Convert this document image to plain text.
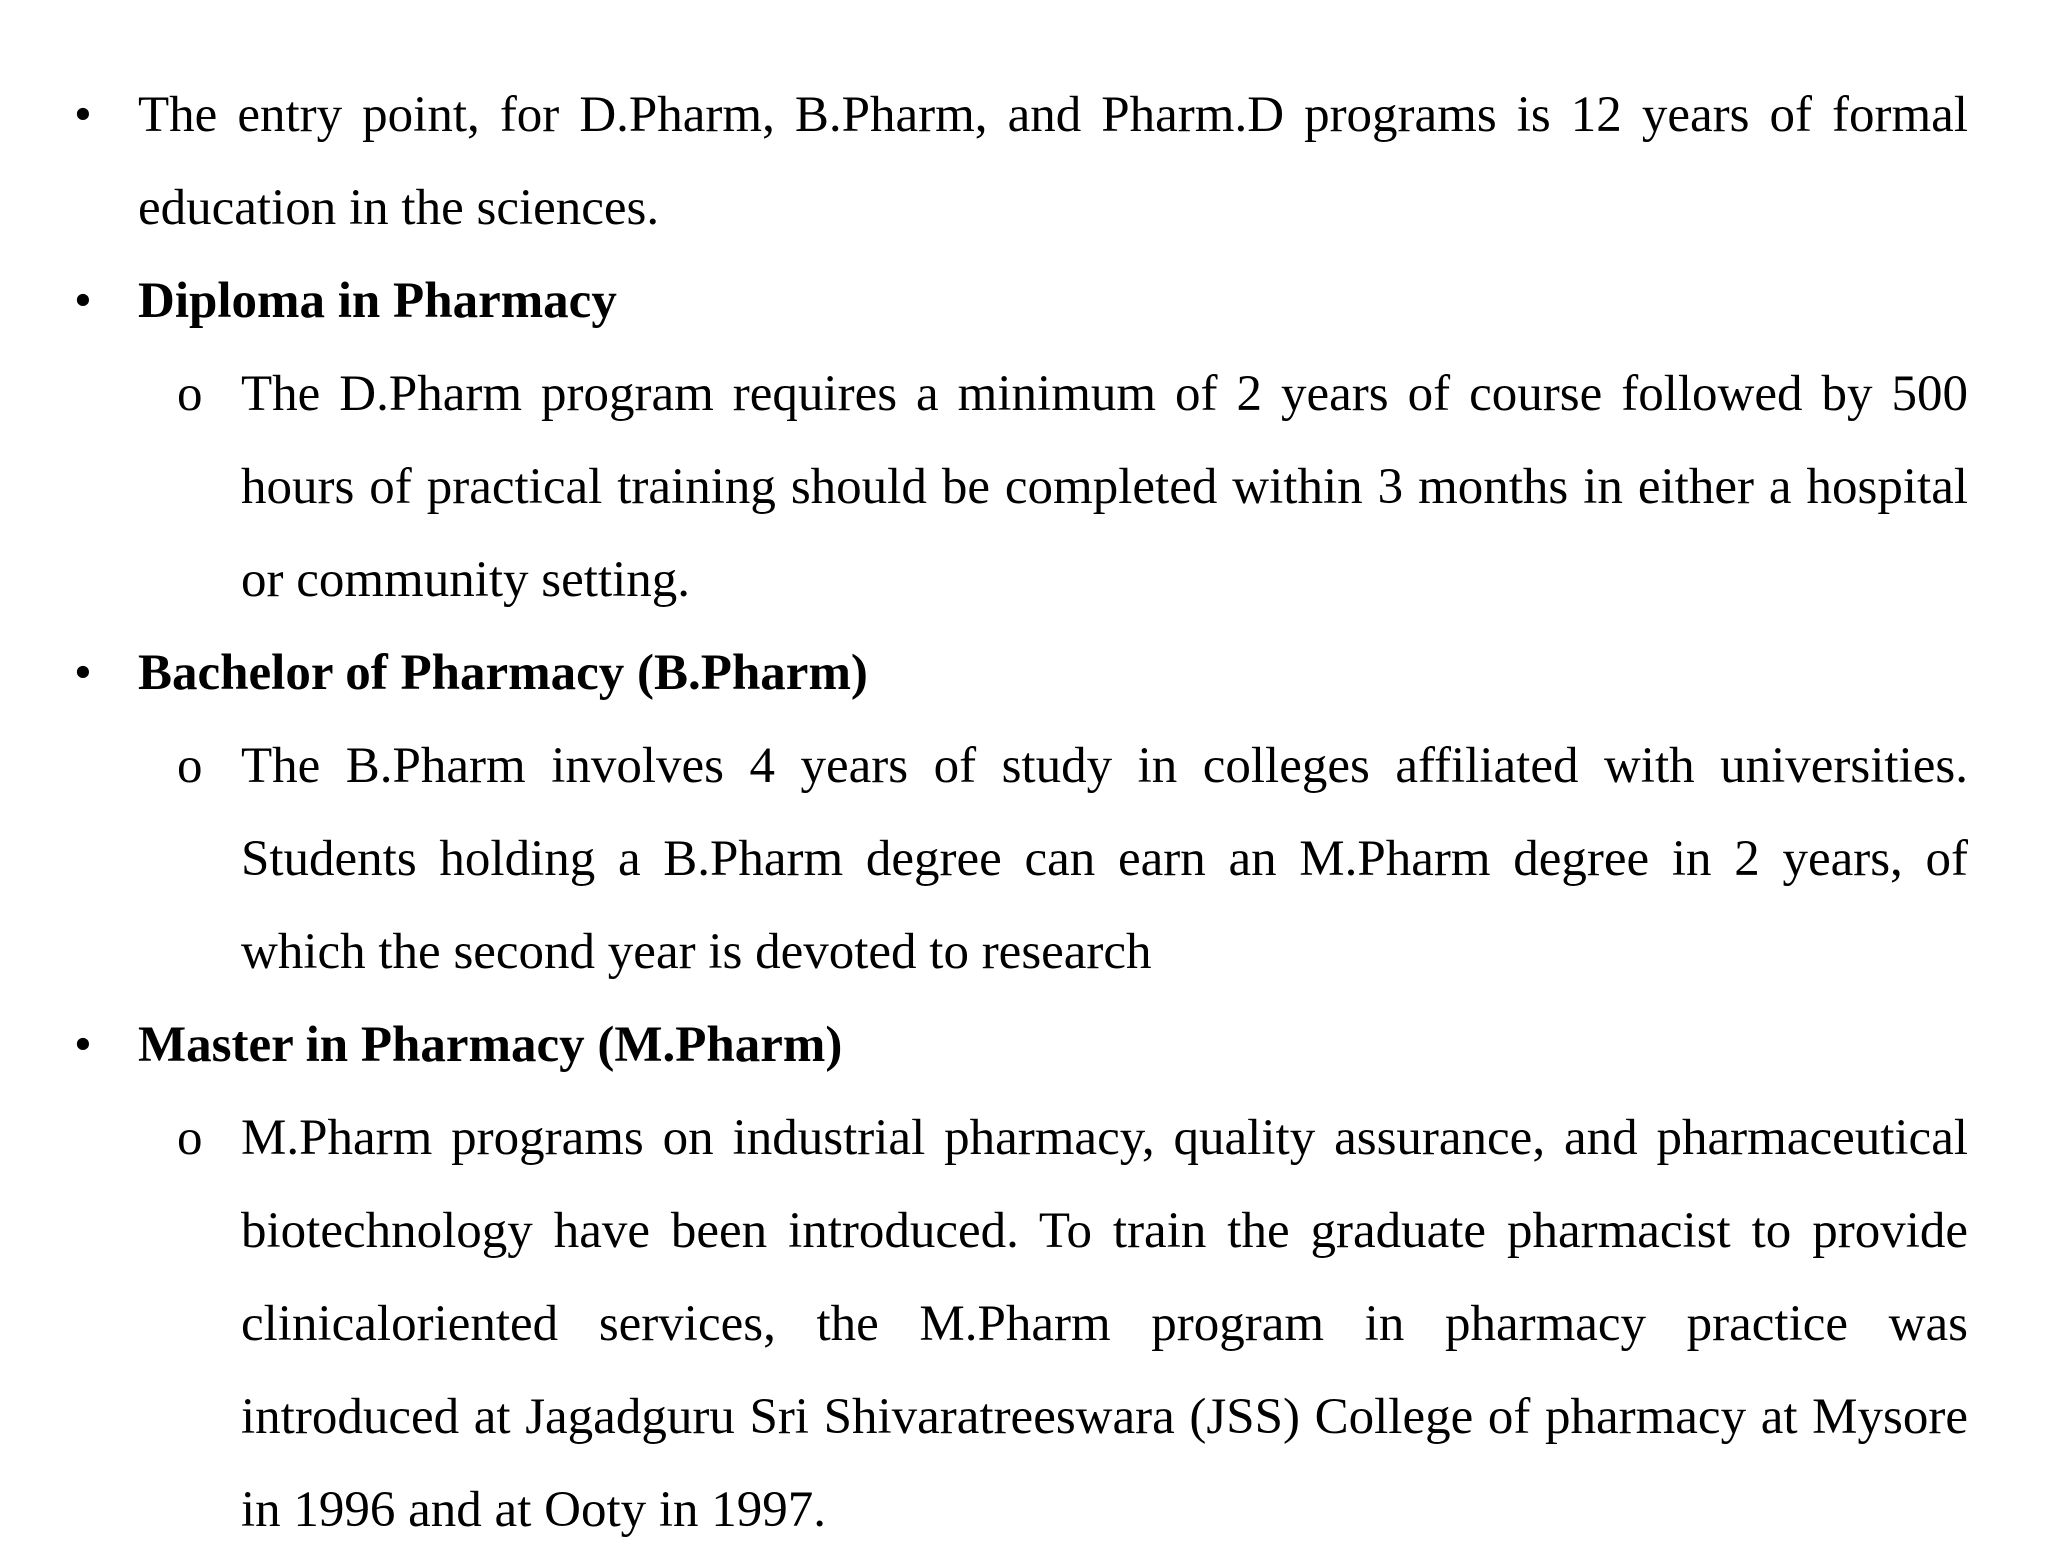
• The entry point, for D.Pharm, B.Pharm, and Pharm.D programs is 12 years of formal education in the sciences.
• Diploma in Pharmacy
o The D.Pharm program requires a minimum of 2 years of course followed by 500 hours of practical training should be completed within 3 months in either a hospital or community setting.
• Bachelor of Pharmacy (B.Pharm)
o The B.Pharm involves 4 years of study in colleges affiliated with universities. Students holding a B.Pharm degree can earn an M.Pharm degree in 2 years, of which the second year is devoted to research
• Master in Pharmacy (M.Pharm)
o M.Pharm programs on industrial pharmacy, quality assurance, and pharmaceutical biotechnology have been introduced. To train the graduate pharmacist to provide clinicaloriented services, the M.Pharm program in pharmacy practice was introduced at Jagadguru Sri Shivaratreeswara (JSS) College of pharmacy at Mysore in 1996 and at Ooty in 1997.
